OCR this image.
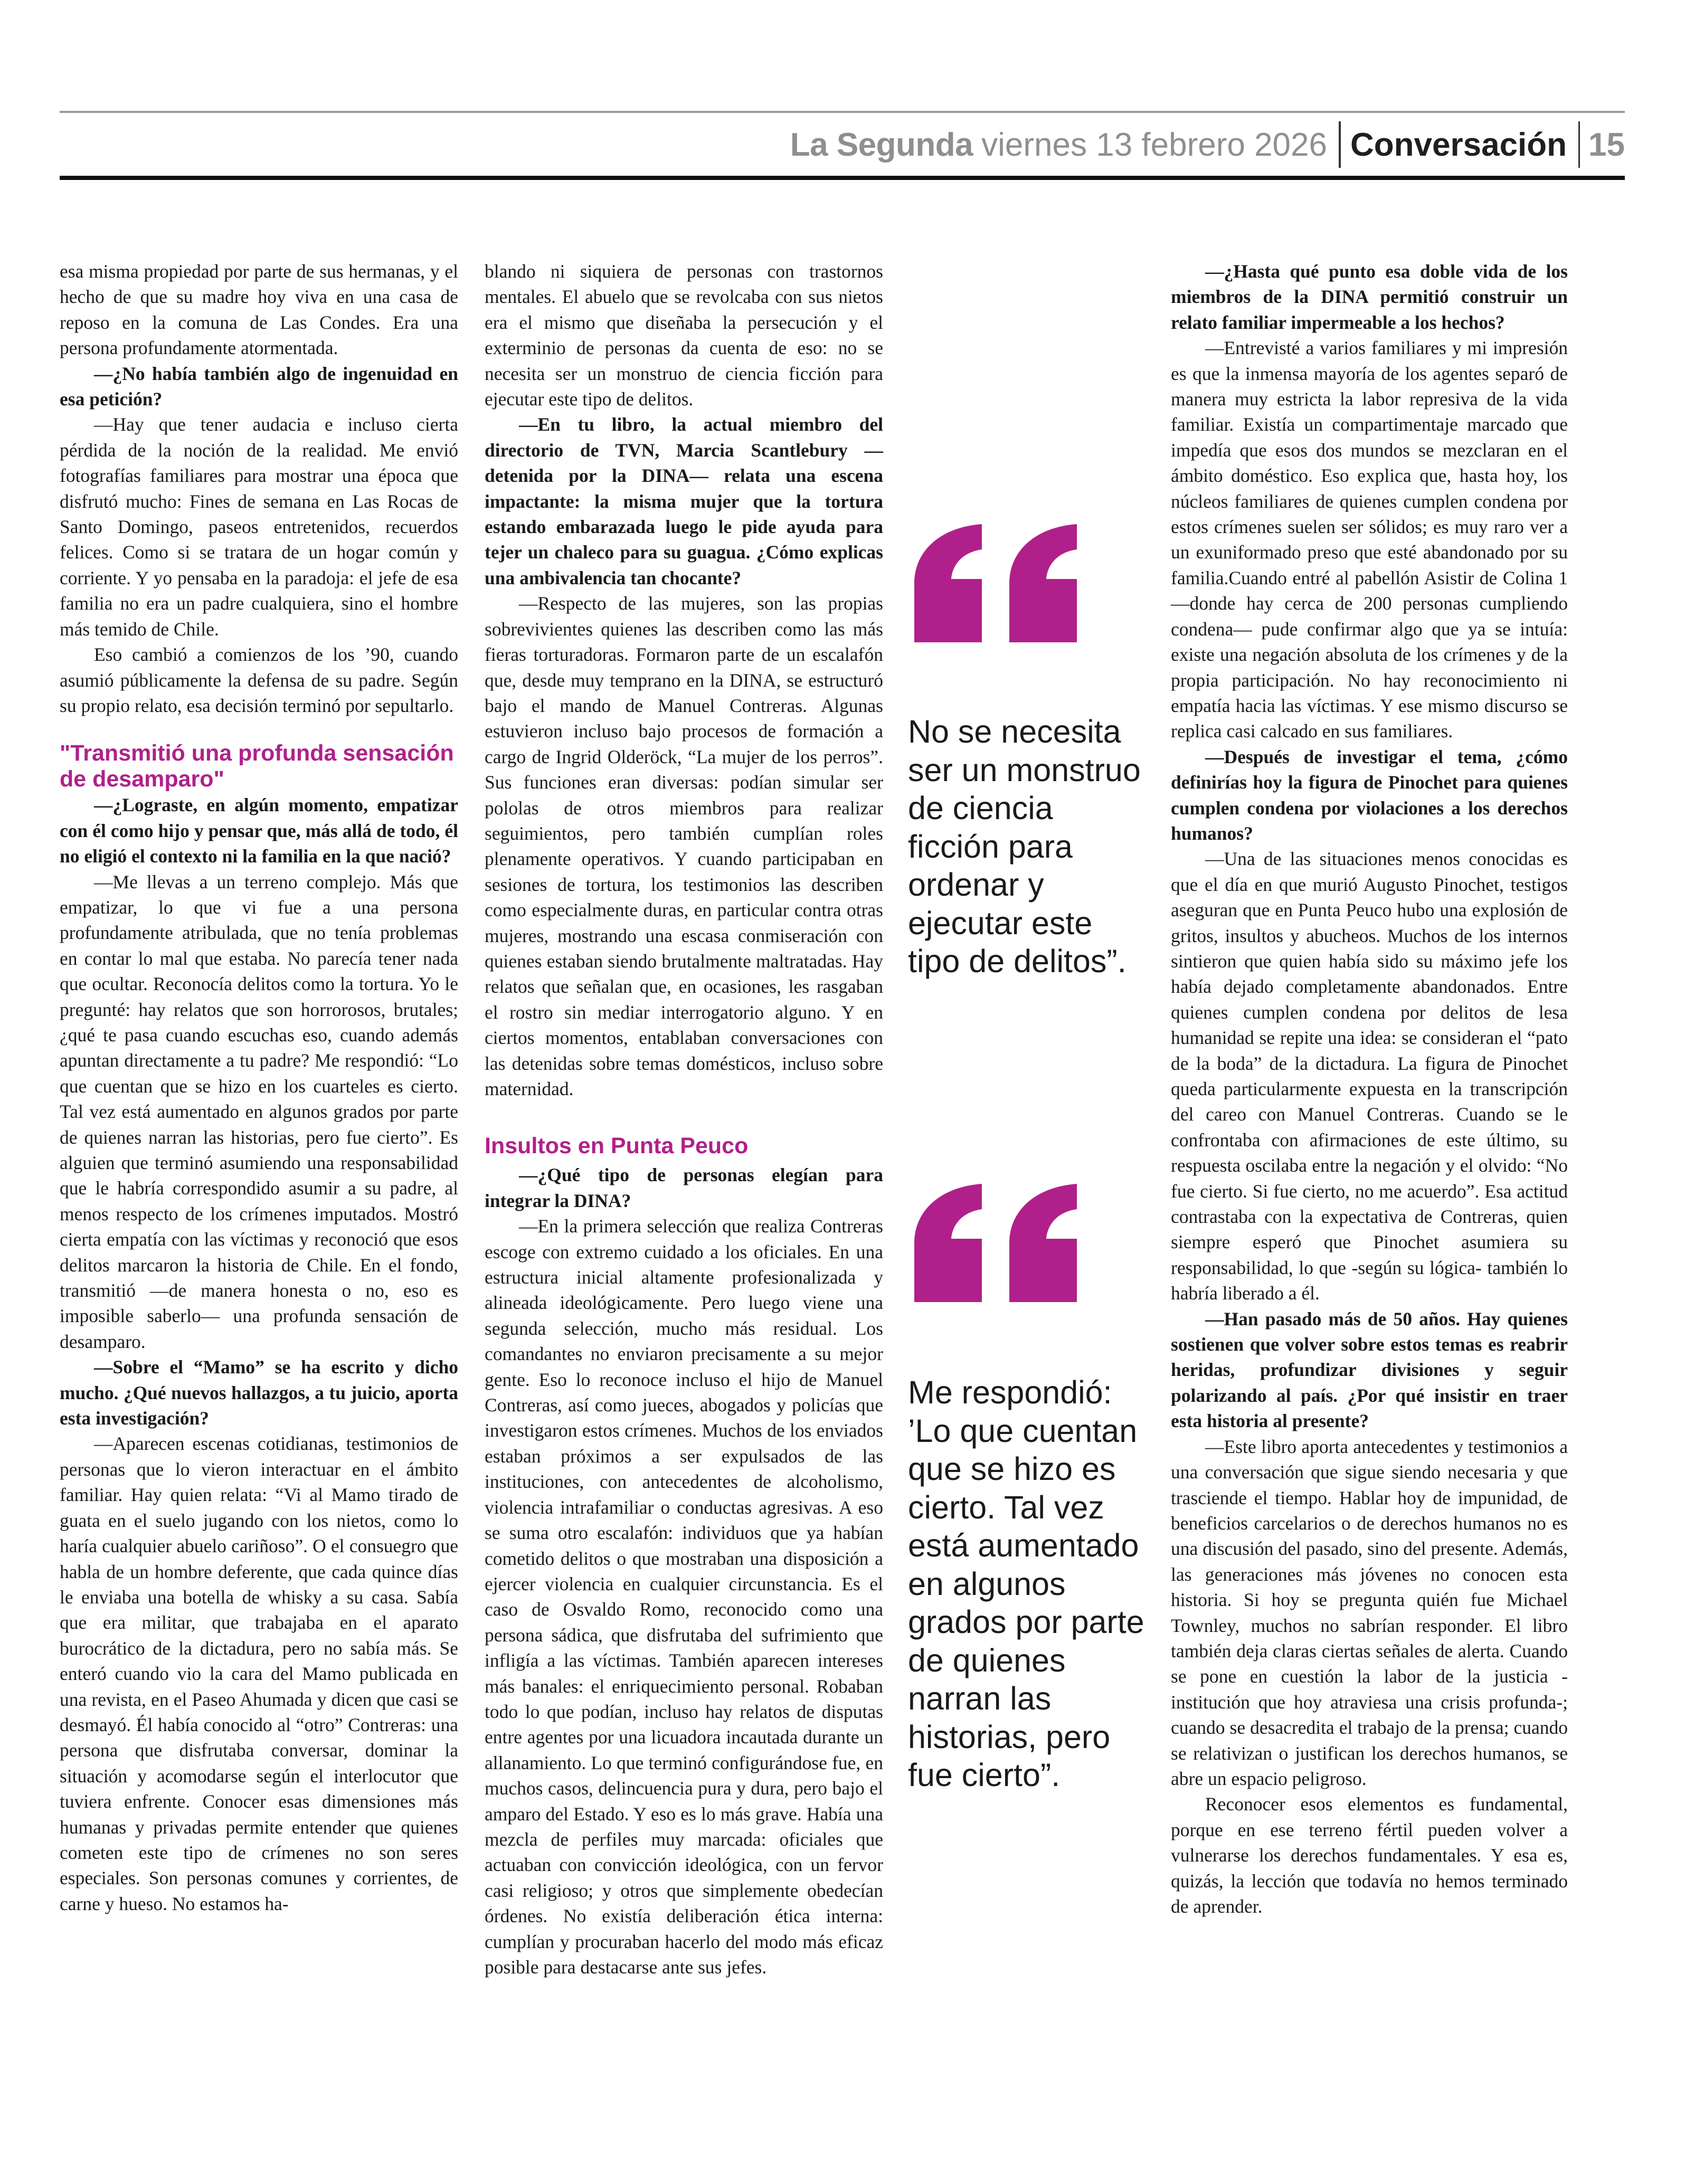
La Segunda viernes 13 febrero 2026 Conversación 15

esa misma propiedad por parte de sus hermanas, y el hecho de que su madre hoy viva en una casa de reposo en la comuna de Las Condes. Era una persona profundamente atormentada.

—¿No había también algo de ingenuidad en esa petición?

—Hay que tener audacia e incluso cierta pérdida de la noción de la realidad. Me envió fotografías familiares para mostrar una época que disfrutó mucho: Fines de semana en Las Rocas de Santo Domingo, paseos entretenidos, recuerdos felices. Como si se tratara de un hogar común y corriente. Y yo pensaba en la paradoja: el jefe de esa familia no era un padre cualquiera, sino el hombre más temido de Chile.

Eso cambió a comienzos de los ’90, cuando asumió públicamente la defensa de su padre. Según su propio relato, esa decisión terminó por sepultarlo.

"Transmitió una profunda sensación de desamparo"

—¿Lograste, en algún momento, empatizar con él como hijo y pensar que, más allá de todo, él no eligió el contexto ni la familia en la que nació?

—Me llevas a un terreno complejo. Más que empatizar, lo que vi fue a una persona profundamente atribulada, que no tenía problemas en contar lo mal que estaba. No parecía tener nada que ocultar. Reconocía delitos como la tortura. Yo le pregunté: hay relatos que son horrorosos, brutales; ¿qué te pasa cuando escuchas eso, cuando además apuntan directamente a tu padre? Me respondió: “Lo que cuentan que se hizo en los cuarteles es cierto. Tal vez está aumentado en algunos grados por parte de quienes narran las historias, pero fue cierto”. Es alguien que terminó asumiendo una responsabilidad que le habría correspondido asumir a su padre, al menos respecto de los crímenes imputados. Mostró cierta empatía con las víctimas y reconoció que esos delitos marcaron la historia de Chile. En el fondo, transmitió —de manera honesta o no, eso es imposible saberlo— una profunda sensación de desamparo.

—Sobre el “Mamo” se ha escrito y dicho mucho. ¿Qué nuevos hallazgos, a tu juicio, aporta esta investigación?

—Aparecen escenas cotidianas, testimonios de personas que lo vieron interactuar en el ámbito familiar. Hay quien relata: “Vi al Mamo tirado de guata en el suelo jugando con los nietos, como lo haría cualquier abuelo cariñoso”. O el consuegro que habla de un hombre deferente, que cada quince días le enviaba una botella de whisky a su casa. Sabía que era militar, que trabajaba en el aparato burocrático de la dictadura, pero no sabía más. Se enteró cuando vio la cara del Mamo publicada en una revista, en el Paseo Ahumada y dicen que casi se desmayó. Él había conocido al “otro” Contreras: una persona que disfrutaba conversar, dominar la situación y acomodarse según el interlocutor que tuviera enfrente. Conocer esas dimensiones más humanas y privadas permite entender que quienes cometen este tipo de crímenes no son seres especiales. Son personas comunes y corrientes, de carne y hueso. No estamos ha-

blando ni siquiera de personas con trastornos mentales. El abuelo que se revolcaba con sus nietos era el mismo que diseñaba la persecución y el exterminio de personas da cuenta de eso: no se necesita ser un monstruo de ciencia ficción para ejecutar este tipo de delitos.

—En tu libro, la actual miembro del directorio de TVN, Marcia Scantlebury —detenida por la DINA— relata una escena impactante: la misma mujer que la tortura estando embarazada luego le pide ayuda para tejer un chaleco para su guagua. ¿Cómo explicas una ambivalencia tan chocante?

—Respecto de las mujeres, son las propias sobrevivientes quienes las describen como las más fieras torturadoras. Formaron parte de un escalafón que, desde muy temprano en la DINA, se estructuró bajo el mando de Manuel Contreras. Algunas estuvieron incluso bajo procesos de formación a cargo de Ingrid Olderöck, “La mujer de los perros”. Sus funciones eran diversas: podían simular ser pololas de otros miembros para realizar seguimientos, pero también cumplían roles plenamente operativos. Y cuando participaban en sesiones de tortura, los testimonios las describen como especialmente duras, en particular contra otras mujeres, mostrando una escasa conmiseración con quienes estaban siendo brutalmente maltratadas. Hay relatos que señalan que, en ocasiones, les rasgaban el rostro sin mediar interrogatorio alguno. Y en ciertos momentos, entablaban conversaciones con las detenidas sobre temas domésticos, incluso sobre maternidad.

Insultos en Punta Peuco

—¿Qué tipo de personas elegían para integrar la DINA?

—En la primera selección que realiza Contreras escoge con extremo cuidado a los oficiales. En una estructura inicial altamente profesionalizada y alineada ideológicamente. Pero luego viene una segunda selección, mucho más residual. Los comandantes no enviaron precisamente a su mejor gente. Eso lo reconoce incluso el hijo de Manuel Contreras, así como jueces, abogados y policías que investigaron estos crímenes. Muchos de los enviados estaban próximos a ser expulsados de las instituciones, con antecedentes de alcoholismo, violencia intrafamiliar o conductas agresivas. A eso se suma otro escalafón: individuos que ya habían cometido delitos o que mostraban una disposición a ejercer violencia en cualquier circunstancia. Es el caso de Osvaldo Romo, reconocido como una persona sádica, que disfrutaba del sufrimiento que infligía a las víctimas. También aparecen intereses más banales: el enriquecimiento personal. Robaban todo lo que podían, incluso hay relatos de disputas entre agentes por una licuadora incautada durante un allanamiento. Lo que terminó configurándose fue, en muchos casos, delincuencia pura y dura, pero bajo el amparo del Estado. Y eso es lo más grave. Había una mezcla de perfiles muy marcada: oficiales que actuaban con convicción ideológica, con un fervor casi religioso; y otros que simplemente obedecían órdenes. No existía deliberación ética interna: cumplían y procuraban hacerlo del modo más eficaz posible para destacarse ante sus jefes.

No se necesita ser un monstruo de ciencia ficción para ordenar y ejecutar este tipo de delitos”.

Me respondió: ’Lo que cuentan que se hizo es cierto. Tal vez está aumentado en algunos grados por parte de quienes narran las historias, pero fue cierto”.

—¿Hasta qué punto esa doble vida de los miembros de la DINA permitió construir un relato familiar impermeable a los hechos?

—Entrevisté a varios familiares y mi impresión es que la inmensa mayoría de los agentes separó de manera muy estricta la labor represiva de la vida familiar. Existía un compartimentaje marcado que impedía que esos dos mundos se mezclaran en el ámbito doméstico. Eso explica que, hasta hoy, los núcleos familiares de quienes cumplen condena por estos crímenes suelen ser sólidos; es muy raro ver a un exuniformado preso que esté abandonado por su familia.Cuando entré al pabellón Asistir de Colina 1 —donde hay cerca de 200 personas cumpliendo condena— pude confirmar algo que ya se intuía: existe una negación absoluta de los crímenes y de la propia participación. No hay reconocimiento ni empatía hacia las víctimas. Y ese mismo discurso se replica casi calcado en sus familiares.

—Después de investigar el tema, ¿cómo definirías hoy la figura de Pinochet para quienes cumplen condena por violaciones a los derechos humanos?

—Una de las situaciones menos conocidas es que el día en que murió Augusto Pinochet, testigos aseguran que en Punta Peuco hubo una explosión de gritos, insultos y abucheos. Muchos de los internos sintieron que quien había sido su máximo jefe los había dejado completamente abandonados. Entre quienes cumplen condena por delitos de lesa humanidad se repite una idea: se consideran el “pato de la boda” de la dictadura. La figura de Pinochet queda particularmente expuesta en la transcripción del careo con Manuel Contreras. Cuando se le confrontaba con afirmaciones de este último, su respuesta oscilaba entre la negación y el olvido: “No fue cierto. Si fue cierto, no me acuerdo”. Esa actitud contrastaba con la expectativa de Contreras, quien siempre esperó que Pinochet asumiera su responsabilidad, lo que -según su lógica- también lo habría liberado a él.

—Han pasado más de 50 años. Hay quienes sostienen que volver sobre estos temas es reabrir heridas, profundizar divisiones y seguir polarizando al país. ¿Por qué insistir en traer esta historia al presente?

—Este libro aporta antecedentes y testimonios a una conversación que sigue siendo necesaria y que trasciende el tiempo. Hablar hoy de impunidad, de beneficios carcelarios o de derechos humanos no es una discusión del pasado, sino del presente. Además, las generaciones más jóvenes no conocen esta historia. Si hoy se pregunta quién fue Michael Townley, muchos no sabrían responder. El libro también deja claras ciertas señales de alerta. Cuando se pone en cuestión la labor de la justicia -institución que hoy atraviesa una crisis profunda-; cuando se desacredita el trabajo de la prensa; cuando se relativizan o justifican los derechos humanos, se abre un espacio peligroso.

Reconocer esos elementos es fundamental, porque en ese terreno fértil pueden volver a vulnerarse los derechos fundamentales. Y esa es, quizás, la lección que todavía no hemos terminado de aprender.
